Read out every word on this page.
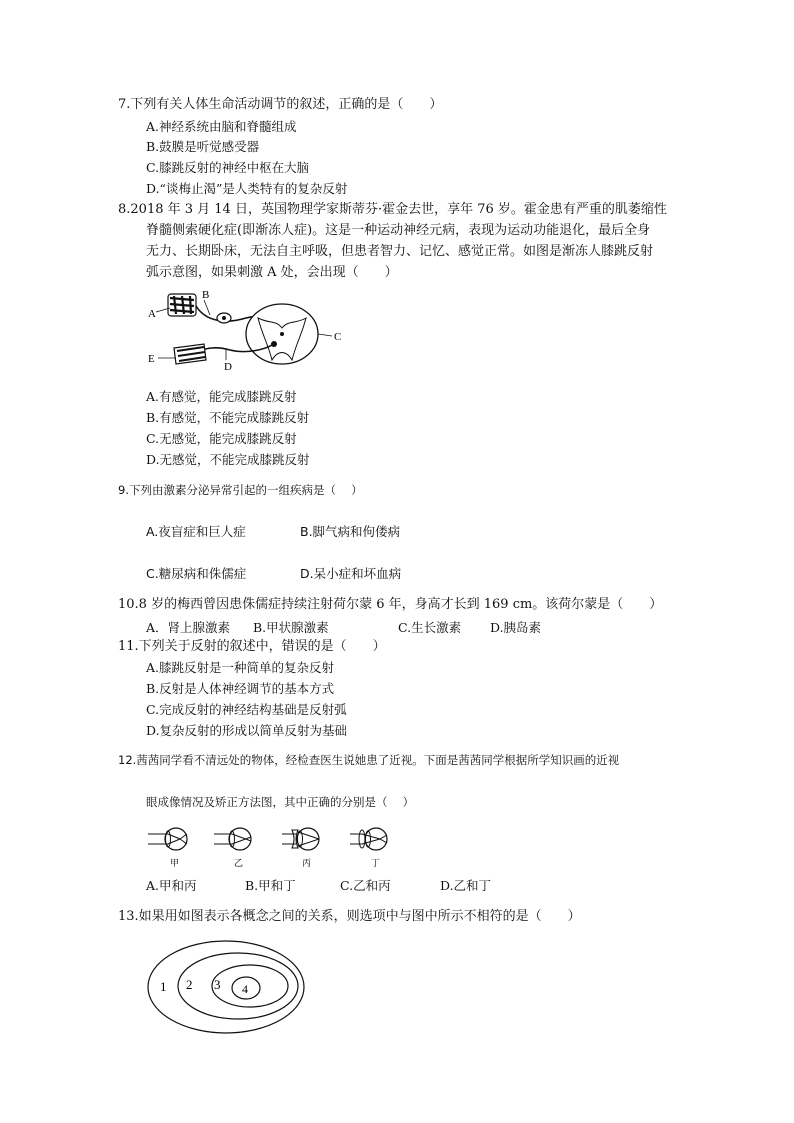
7.下列有关人体生命活动调节的叙述，正确的是（　　）
A.神经系统由脑和脊髓组成
B.鼓膜是听觉感受器
C.膝跳反射的神经中枢在大脑
D.“谈梅止渴”是人类特有的复杂反射
8.2018 年 3 月 14 日，英国物理学家斯蒂芬·霍金去世，享年 76 岁。霍金患有严重的肌萎缩性
脊髓侧索硬化症(即渐冻人症)。这是一种运动神经元病，表现为运动功能退化，最后全身
无力、长期卧床，无法自主呼吸，但患者智力、记忆、感觉正常。如图是渐冻人膝跳反射
弧示意图，如果刺激 A 处，会出现（　　）
A
B
C
D
E
A.有感觉，能完成膝跳反射
B.有感觉，不能完成膝跳反射
C.无感觉，能完成膝跳反射
D.无感觉，不能完成膝跳反射
9.下列由激素分泌异常引起的一组疾病是（　 ）
A.夜盲症和巨人症	B.脚气病和佝偻病
C.糖尿病和侏儒症	D.呆小症和坏血病
10.8 岁的梅西曾因患侏儒症持续注射荷尔蒙 6 年，身高才长到 169 cm。该荷尔蒙是（　　）
A．肾上腺激素 B.甲状腺激素	C.生长激素 D.胰岛素
11.下列关于反射的叙述中，错误的是（　　）
A.膝跳反射是一种简单的复杂反射
B.反射是人体神经调节的基本方式
C.完成反射的神经结构基础是反射弧
D.复杂反射的形成以简单反射为基础
12.茜茜同学看不清远处的物体，经检查医生说她患了近视。下面是茜茜同学根据所学知识画的近视
眼成像情况及矫正方法图，其中正确的分别是（　 ）
甲	乙	丙	丁
A.甲和丙	B.甲和丁	C.乙和丙	D.乙和丁
13.如果用如图表示各概念之间的关系，则选项中与图中所示不相符的是（　　）
1 2 3 4
